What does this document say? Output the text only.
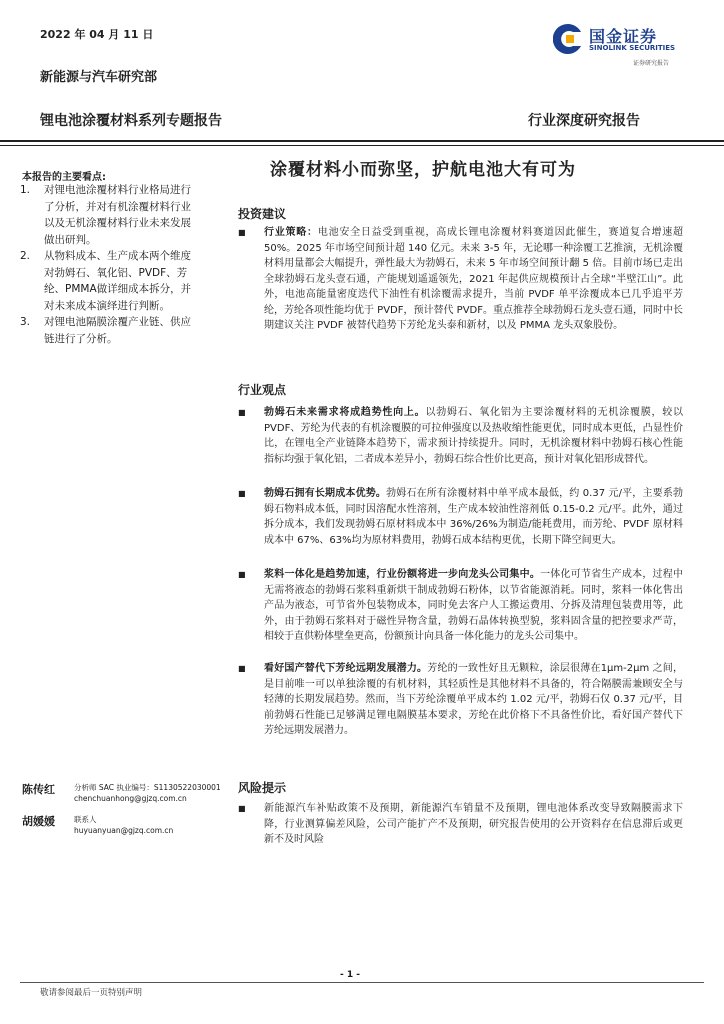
2022 年 04 月 11 日	国金证券
SINOLINK SECURITIES
证券研究报告
新能源与汽车研究部
锂电池涂覆材料系列专题报告	行业深度研究报告
本报告的主要看点:
1. 对锂电池涂覆材料行业格局进行了分析，并对有机涂覆材料行业以及无机涂覆材料行业未来发展做出研判。
2. 从物料成本、生产成本两个维度对勃姆石、氧化铝、PVDF、芳纶、PMMA做详细成本拆分，并对未来成本演绎进行判断。
3. 对锂电池隔膜涂覆产业链、供应链进行了分析。
涂覆材料小而弥坚，护航电池大有可为
投资建议
■	行业策略：电池安全日益受到重视，高成长锂电涂覆材料赛道因此催生，赛道复合增速超 50%。2025 年市场空间预计超 140 亿元。未来 3-5 年，无论哪一种涂覆工艺推演，无机涂覆材料用量都会大幅提升，弹性最大为勃姆石，未来 5 年市场空间预计翻 5 倍。目前市场已走出全球勃姆石龙头壹石通，产能规划遥遥领先，2021 年起供应规模预计占全球“半壁江山”。此外，电池高能量密度迭代下油性有机涂覆需求提升，当前 PVDF 单平涂覆成本已几乎追平芳纶，芳纶各项性能均优于 PVDF，预计替代 PVDF。重点推荐全球勃姆石龙头壹石通，同时中长期建议关注 PVDF 被替代趋势下芳纶龙头泰和新材，以及 PMMA 龙头双象股份。
行业观点
■	勃姆石未来需求将成趋势性向上。以勃姆石、氧化铝为主要涂覆材料的无机涂覆膜，较以 PVDF、芳纶为代表的有机涂覆膜的可拉伸强度以及热收缩性能更优，同时成本更低，凸显性价比，在锂电全产业链降本趋势下，需求预计持续提升。同时，无机涂覆材料中勃姆石核心性能指标均强于氧化铝，二者成本差异小，勃姆石综合性价比更高，预计对氧化铝形成替代。
■	勃姆石拥有长期成本优势。勃姆石在所有涂覆材料中单平成本最低，约 0.37 元/平，主要系勃姆石物料成本低，同时因溶配水性溶剂，生产成本较油性溶剂低 0.15-0.2 元/平。此外，通过拆分成本，我们发现勃姆石原材料成本中 36%/26%为制造/能耗费用，而芳纶、PVDF 原材料成本中 67%、63%均为原材料费用，勃姆石成本结构更优，长期下降空间更大。
■	浆料一体化是趋势加速，行业份额将进一步向龙头公司集中。一体化可节省生产成本，过程中无需将液态的勃姆石浆料重新烘干制成勃姆石粉体，以节省能源消耗。同时，浆料一体化售出产品为液态，可节省外包装物成本，同时免去客户人工搬运费用、分拆及清理包装费用等，此外，由于勃姆石浆料对于磁性异物含量，勃姆石晶体转换型貌，浆料固含量的把控要求严苛，相较于直供粉体壁垒更高，份额预计向具备一体化能力的龙头公司集中。
■	看好国产替代下芳纶远期发展潜力。芳纶的一致性好且无颗粒，涂层很薄在1μm-2μm 之间，是目前唯一可以单独涂覆的有机材料，其轻质性是其他材料不具备的，符合隔膜需兼顾安全与轻薄的长期发展趋势。然而，当下芳纶涂覆单平成本约 1.02 元/平，勃姆石仅 0.37 元/平，目前勃姆石性能已足够满足锂电隔膜基本要求，芳纶在此价格下不具备性价比，看好国产替代下芳纶远期发展潜力。
陈传红	分析师 SAC 执业编号：S1130522030001
chenchuanhong@gjzq.com.cn
胡媛媛	联系人
huyuanyuan@gjzq.com.cn
风险提示
■	新能源汽车补贴政策不及预期，新能源汽车销量不及预期，锂电池体系改变导致隔膜需求下降，行业测算偏差风险，公司产能扩产不及预期，研究报告使用的公开资料存在信息滞后或更新不及时风险
- 1 -
敬请参阅最后一页特别声明
